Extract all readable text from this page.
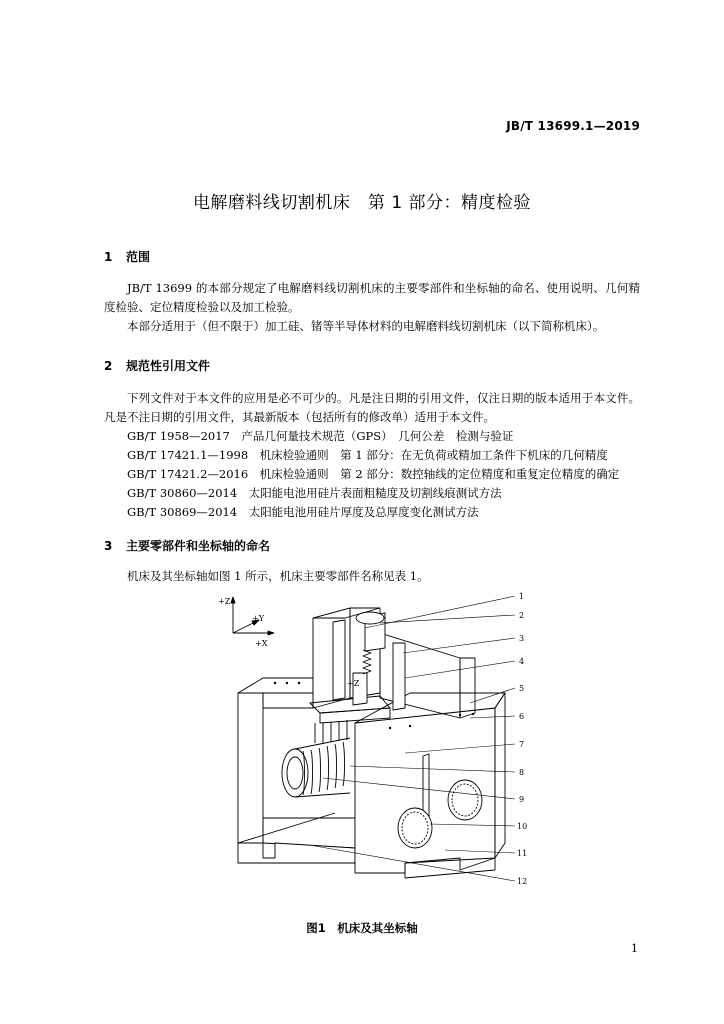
JB/T 13699.1—2019
电解磨料线切割机床　第 1 部分：精度检验
1 范围

JB/T 13699 的本部分规定了电解磨料线切割机床的主要零部件和坐标轴的命名、使用说明、几何精度检验、定位精度检验以及加工检验。

本部分适用于（但不限于）加工硅、锗等半导体材料的电解磨料线切割机床（以下简称机床）。

2 规范性引用文件

下列文件对于本文件的应用是必不可少的。凡是注日期的引用文件，仅注日期的版本适用于本文件。凡是不注日期的引用文件，其最新版本（包括所有的修改单）适用于本文件。

GB/T 1958—2017　产品几何量技术规范（GPS）　几何公差　检测与验证
GB/T 17421.1—1998　机床检验通则　第 1 部分：在无负荷或精加工条件下机床的几何精度
GB/T 17421.2—2016　机床检验通则　第 2 部分：数控轴线的定位精度和重复定位精度的确定
GB/T 30860—2014　太阳能电池用硅片表面粗糙度及切割线痕测试方法
GB/T 30869—2014　太阳能电池用硅片厚度及总厚度变化测试方法
3 主要零部件和坐标轴的命名
机床及其坐标轴如图 1 所示，机床主要零部件名称见表 1。
+Z
+Y
+X
+Z
1
2
3
4
5
6
7
8
9
10
11
12
图1　机床及其坐标轴
1
